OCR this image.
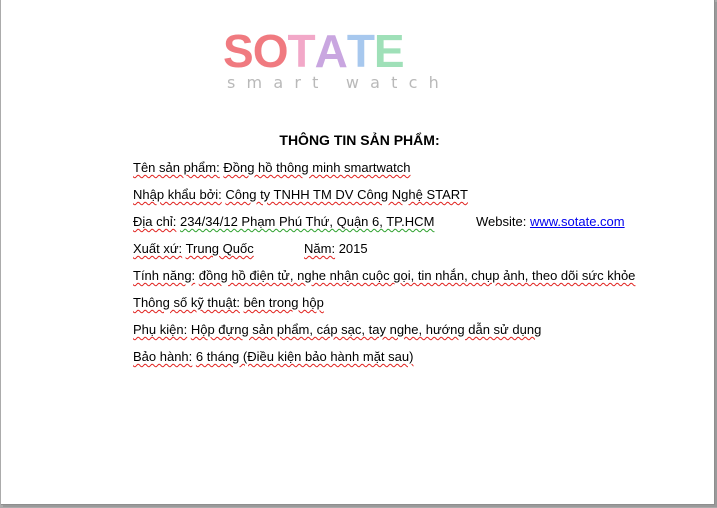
SOTATE
smart watch
THÔNG TIN SẢN PHẨM:
Tên sản phẩm: Đồng hồ thông minh smartwatch
Nhập khẩu bởi: Công ty TNHH TM DV Công Nghệ START
Địa chỉ: 234/34/12 Phạm Phú Thứ, Quận 6, TP.HCM	Website: www.sotate.com
Xuất xứ: Trung Quốc	Năm: 2015
Tính năng: đồng hồ điện tử, nghe nhận cuộc gọi, tin nhắn, chụp ảnh, theo dõi sức khỏe
Thông số kỹ thuật: bên trong hộp
Phụ kiện: Hộp đựng sản phẩm, cáp sạc, tay nghe, hướng dẫn sử dụng
Bảo hành: 6 tháng (Điều kiện bảo hành mặt sau)
